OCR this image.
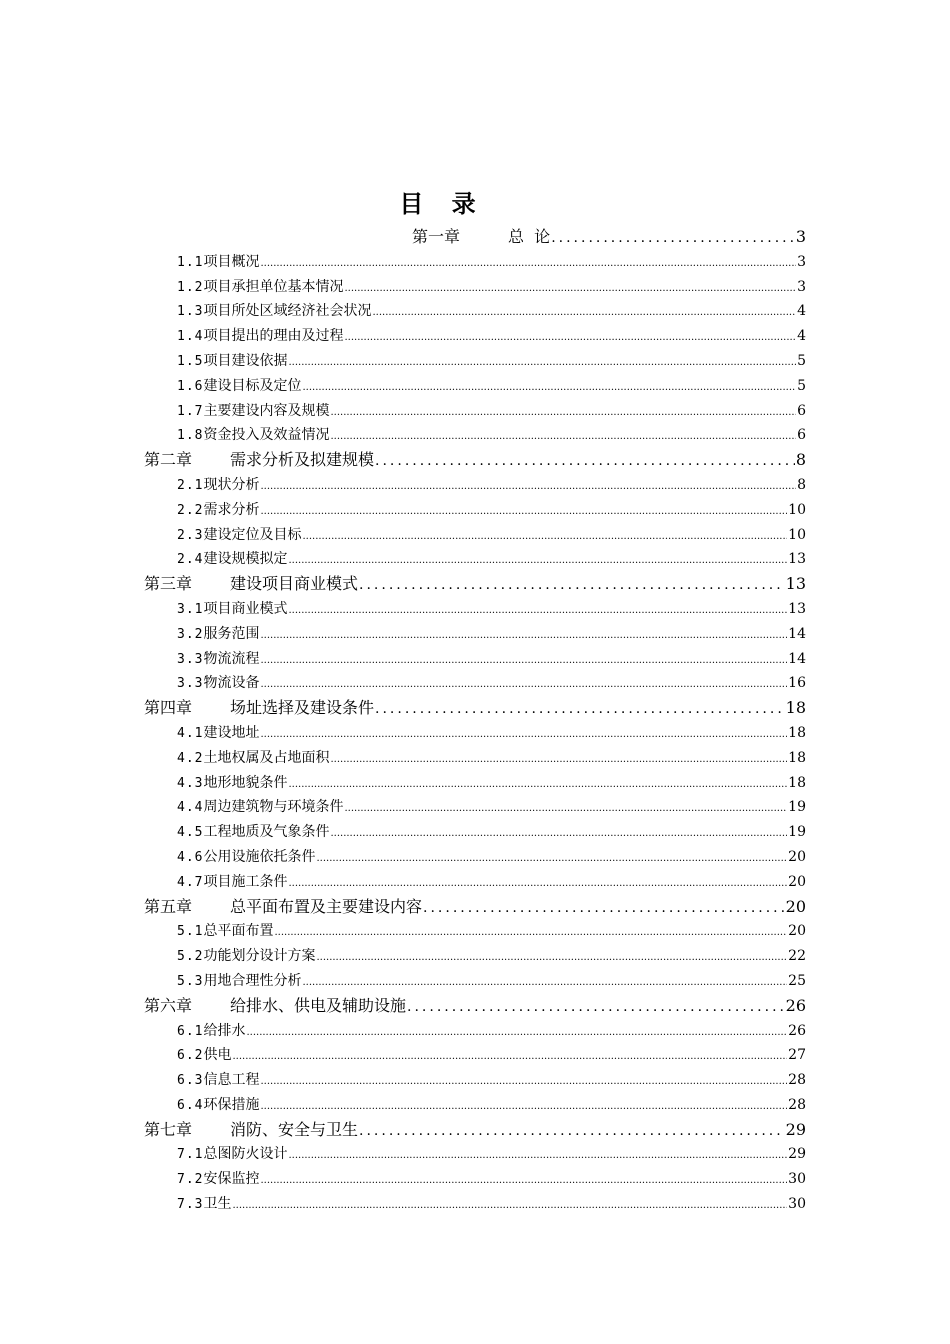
目 录
第一章	总  论 .....	3
1.1项目概况 .....	3
1.2项目承担单位基本情况 .....	3
1.3项目所处区域经济社会状况 .....	4
1.4项目提出的理由及过程 .....	4
1.5项目建设依据 .....	5
1.6建设目标及定位 .....	5
1.7主要建设内容及规模 .....	6
1.8资金投入及效益情况 .....	6
第二章 需求分析及拟建规模 .....	8
2.1现状分析 .....	8
2.2需求分析 .....	10
2.3建设定位及目标 .....	10
2.4建设规模拟定 .....	13
第三章 建设项目商业模式 .....	13
3.1项目商业模式 .....	13
3.2服务范围 .....	14
3.3物流流程 .....	14
3.3物流设备 .....	16
第四章 场址选择及建设条件 .....	18
4.1建设地址 .....	18
4.2土地权属及占地面积 .....	18
4.3地形地貌条件 .....	18
4.4周边建筑物与环境条件 .....	19
4.5工程地质及气象条件 .....	19
4.6公用设施依托条件 .....	20
4.7项目施工条件 .....	20
第五章 总平面布置及主要建设内容 .....	20
5.1总平面布置 .....	20
5.2功能划分设计方案 .....	22
5.3用地合理性分析 .....	25
第六章 给排水、供电及辅助设施 .....	26
6.1给排水 .....	26
6.2供电 .....	27
6.3信息工程 .....	28
6.4环保措施 .....	28
第七章 消防、安全与卫生 .....	29
7.1总图防火设计 .....	29
7.2安保监控 .....	30
7.3卫生 .....	30
